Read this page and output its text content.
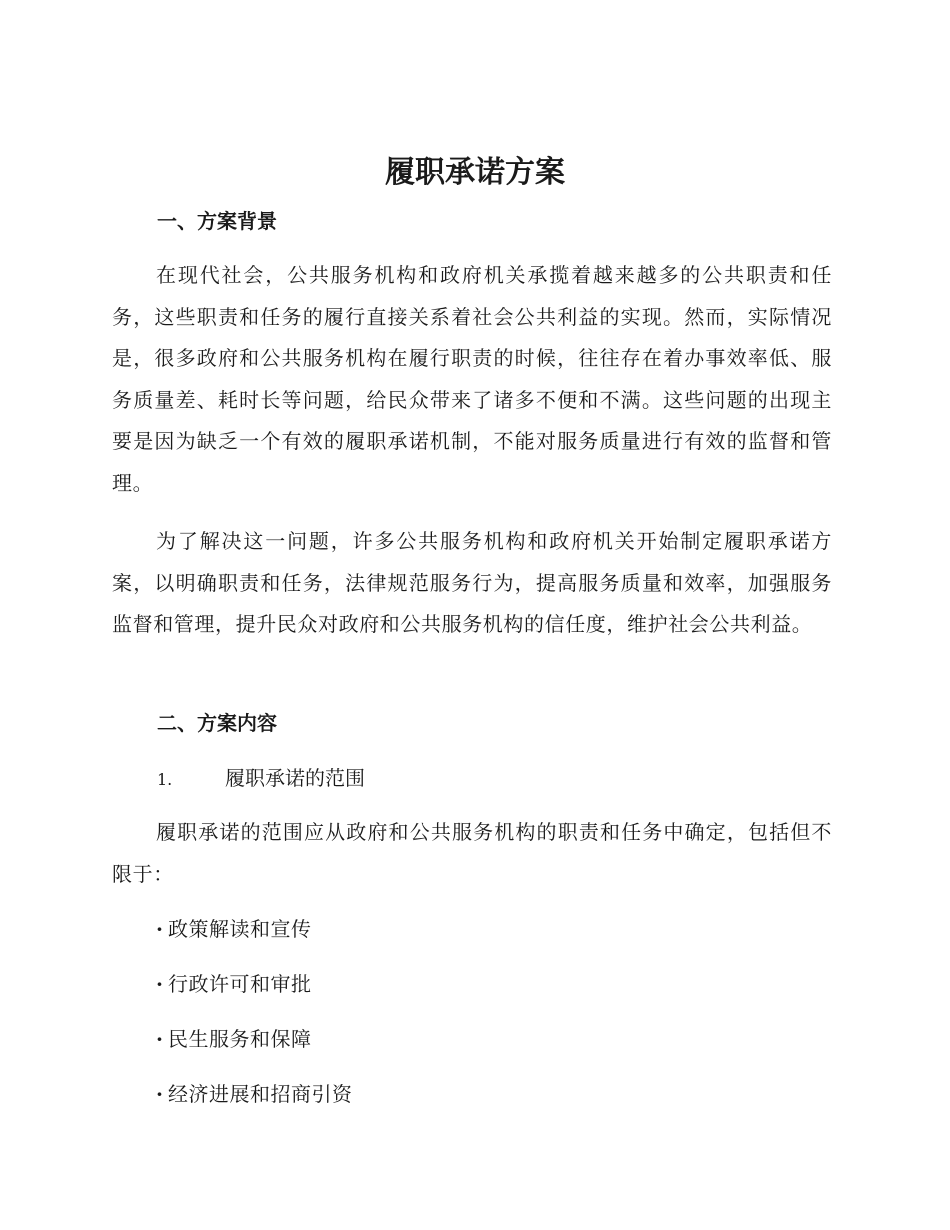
履职承诺方案
一、方案背景

在现代社会，公共服务机构和政府机关承揽着越来越多的公共职责和任务，这些职责和任务的履行直接关系着社会公共利益的实现。然而，实际情况是，很多政府和公共服务机构在履行职责的时候，往往存在着办事效率低、服务质量差、耗时长等问题，给民众带来了诸多不便和不满。这些问题的出现主要是因为缺乏一个有效的履职承诺机制，不能对服务质量进行有效的监督和管理。

为了解决这一问题，许多公共服务机构和政府机关开始制定履职承诺方案，以明确职责和任务，法律规范服务行为，提高服务质量和效率，加强服务监督和管理，提升民众对政府和公共服务机构的信任度，维护社会公共利益。

二、方案内容

1.	履职承诺的范围

履职承诺的范围应从政府和公共服务机构的职责和任务中确定，包括但不限于：

· 政策解读和宣传

· 行政许可和审批

· 民生服务和保障

· 经济进展和招商引资
